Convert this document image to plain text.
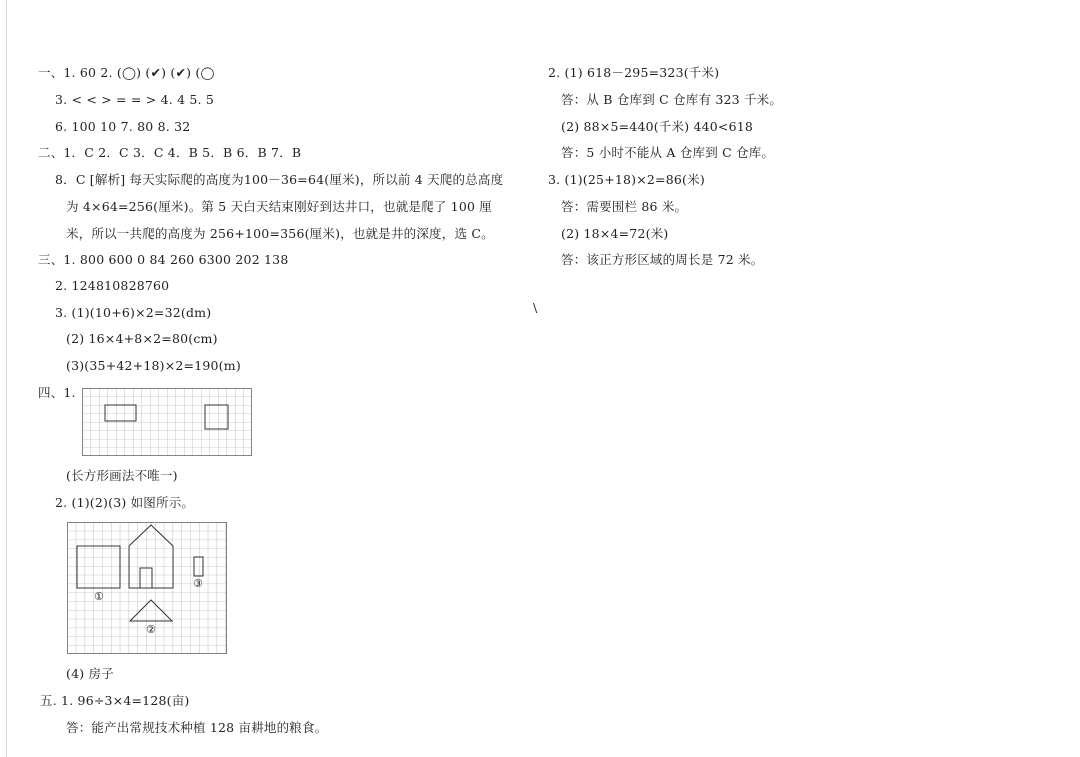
一、1. 60 2. (◯) (✔) (✔) (◯
3. < < > = = > 4. 4 5. 5
6. 100 10 7. 80 8. 32
二、1．C 2．C 3．C 4．B 5．B 6．B 7．B
8．C [解析] 每天实际爬的高度为100－36=64(厘米)，所以前 4 天爬的总高度
为 4×64=256(厘米)。第 5 天白天结束刚好到达井口，也就是爬了 100 厘
米，所以一共爬的高度为 256+100=356(厘米)，也就是井的深度，选 C。
三、1. 800 600 0 84 260 6300 202 138
2. 124810828760
3. (1)(10+6)×2=32(dm)
(2) 16×4+8×2=80(cm)
(3)(35+42+18)×2=190(m)
四、1.
(长方形画法不唯一)
2. (1)(2)(3) 如图所示。
①
②
③
(4) 房子
五. 1. 96÷3×4=128(亩)
答：能产出常规技术种植 128 亩耕地的粮食。
2. (1) 618－295=323(千米)
答：从 B 仓库到 C 仓库有 323 千米。
(2) 88×5=440(千米) 440<618
答：5 小时不能从 A 仓库到 C 仓库。
3. (1)(25+18)×2=86(米)
答：需要围栏 86 米。
(2) 18×4=72(米)
答：该正方形区域的周长是 72 米。
\
